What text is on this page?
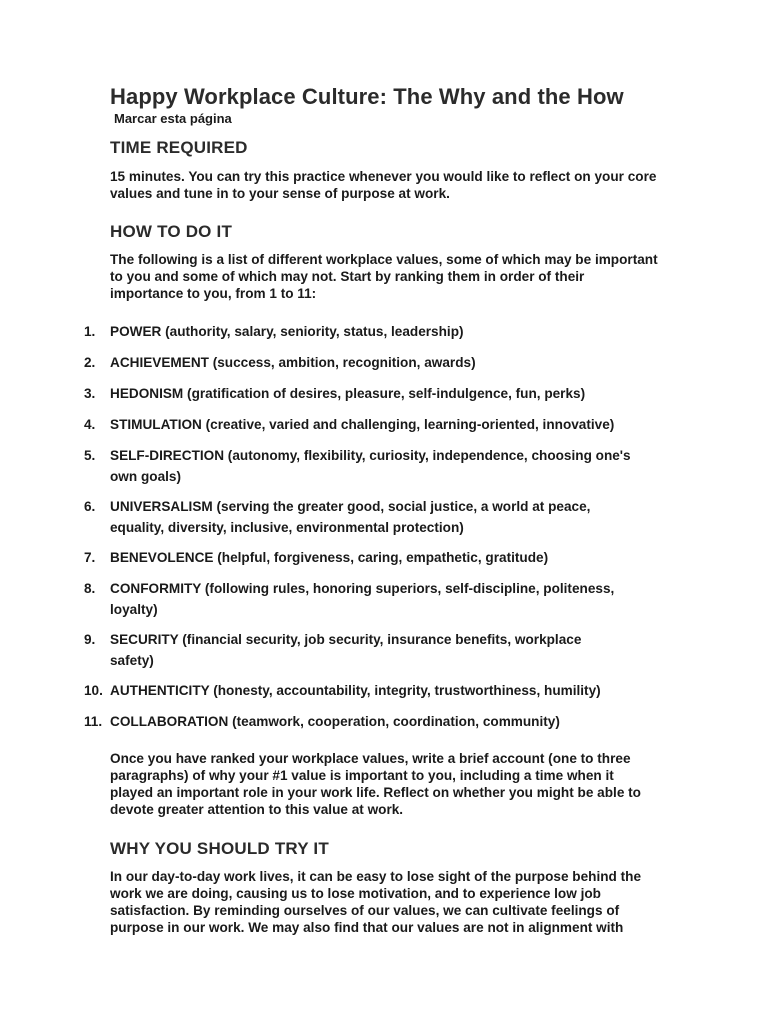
Happy Workplace Culture: The Why and the How
Marcar esta página
TIME REQUIRED
15 minutes. You can try this practice whenever you would like to reflect on your core values and tune in to your sense of purpose at work.
HOW TO DO IT
The following is a list of different workplace values, some of which may be important to you and some of which may not. Start by ranking them in order of their importance to you, from 1 to 11:
1.	POWER (authority, salary, seniority, status, leadership)
2.	ACHIEVEMENT (success, ambition, recognition, awards)
3.	HEDONISM (gratification of desires, pleasure, self-indulgence, fun, perks)
4.	STIMULATION (creative, varied and challenging, learning-oriented, innovative)
5.	SELF-DIRECTION (autonomy, flexibility, curiosity, independence, choosing one's own goals)
6.	UNIVERSALISM (serving the greater good, social justice, a world at peace, equality, diversity, inclusive, environmental protection)
7.	BENEVOLENCE (helpful, forgiveness, caring, empathetic, gratitude)
8.	CONFORMITY (following rules, honoring superiors, self-discipline, politeness, loyalty)
9.	SECURITY (financial security, job security, insurance benefits, workplace safety)
10. AUTHENTICITY (honesty, accountability, integrity, trustworthiness, humility)
11. COLLABORATION (teamwork, cooperation, coordination, community)
Once you have ranked your workplace values, write a brief account (one to three paragraphs) of why your #1 value is important to you, including a time when it played an important role in your work life. Reflect on whether you might be able to devote greater attention to this value at work.
WHY YOU SHOULD TRY IT
In our day-to-day work lives, it can be easy to lose sight of the purpose behind the work we are doing, causing us to lose motivation, and to experience low job satisfaction. By reminding ourselves of our values, we can cultivate feelings of purpose in our work. We may also find that our values are not in alignment with
